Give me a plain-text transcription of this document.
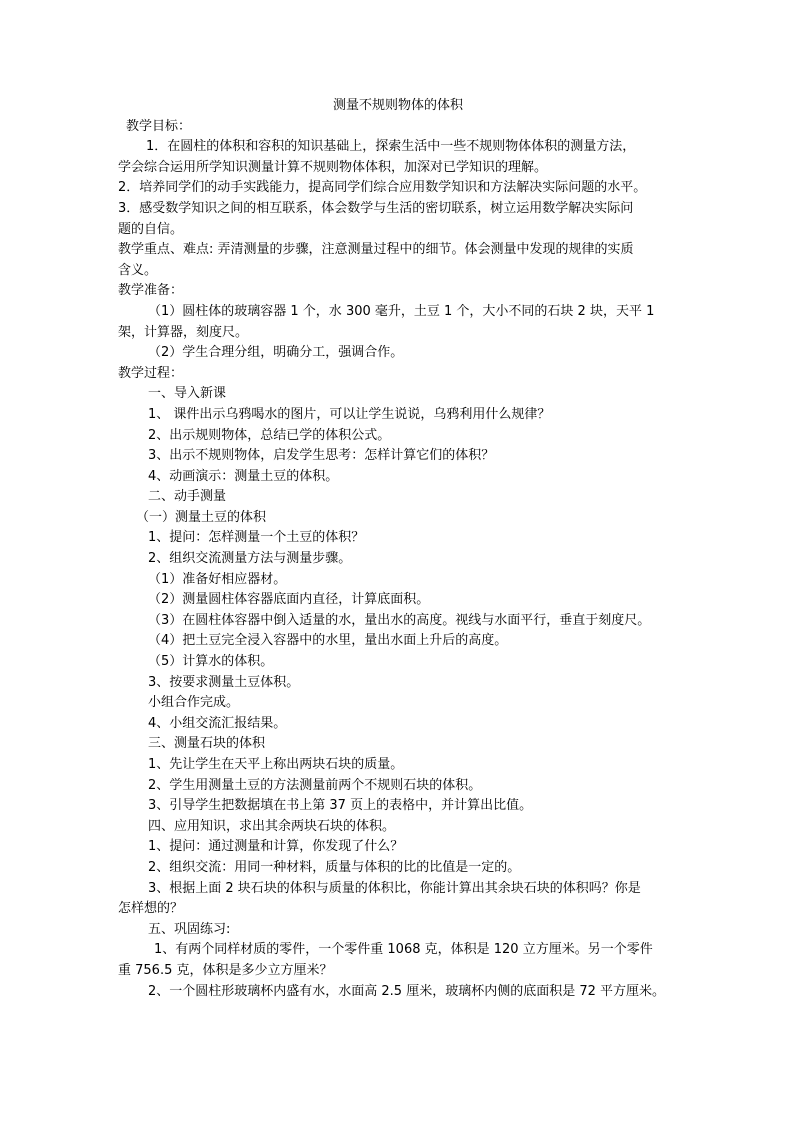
测量不规则物体的体积
教学目标：
1．在圆柱的体积和容积的知识基础上，探索生活中一些不规则物体体积的测量方法，
学会综合运用所学知识测量计算不规则物体体积，加深对已学知识的理解。
2．培养同学们的动手实践能力，提高同学们综合应用数学知识和方法解决实际问题的水平。
3．感受数学知识之间的相互联系，体会数学与生活的密切联系，树立运用数学解决实际问
题的自信。
教学重点、难点: 弄清测量的步骤，注意测量过程中的细节。体会测量中发现的规律的实质
含义。
教学准备：
（1）圆柱体的玻璃容器 1 个，水 300 毫升，土豆 1 个，大小不同的石块 2 块，天平 1
架，计算器，刻度尺。
（2）学生合理分组，明确分工，强调合作。
教学过程：
一、导入新课
1、 课件出示乌鸦喝水的图片，可以让学生说说，乌鸦利用什么规律？
2、出示规则物体，总结已学的体积公式。
3、出示不规则物体，启发学生思考：怎样计算它们的体积？
4、动画演示：测量土豆的体积。
二、动手测量
（一）测量土豆的体积
1、提问：怎样测量一个土豆的体积？
2、组织交流测量方法与测量步骤。
（1）准备好相应器材。
（2）测量圆柱体容器底面内直径，计算底面积。
（3）在圆柱体容器中倒入适量的水，量出水的高度。视线与水面平行，垂直于刻度尺。
（4）把土豆完全浸入容器中的水里，量出水面上升后的高度。
（5）计算水的体积。
3、按要求测量土豆体积。
小组合作完成。
4、小组交流汇报结果。
三、测量石块的体积
1、先让学生在天平上称出两块石块的质量。
2、学生用测量土豆的方法测量前两个不规则石块的体积。
3、引导学生把数据填在书上第 37 页上的表格中，并计算出比值。
四、应用知识，求出其余两块石块的体积。
1、提问：通过测量和计算，你发现了什么？
2、组织交流：用同一种材料，质量与体积的比的比值是一定的。
3、根据上面 2 块石块的体积与质量的体积比，你能计算出其余块石块的体积吗？你是
怎样想的？
五、巩固练习:
1、有两个同样材质的零件，一个零件重 1068 克，体积是 120 立方厘米。另一个零件
重 756.5 克，体积是多少立方厘米？
2、一个圆柱形玻璃杯内盛有水，水面高 2.5 厘米，玻璃杯内侧的底面积是 72 平方厘米。
